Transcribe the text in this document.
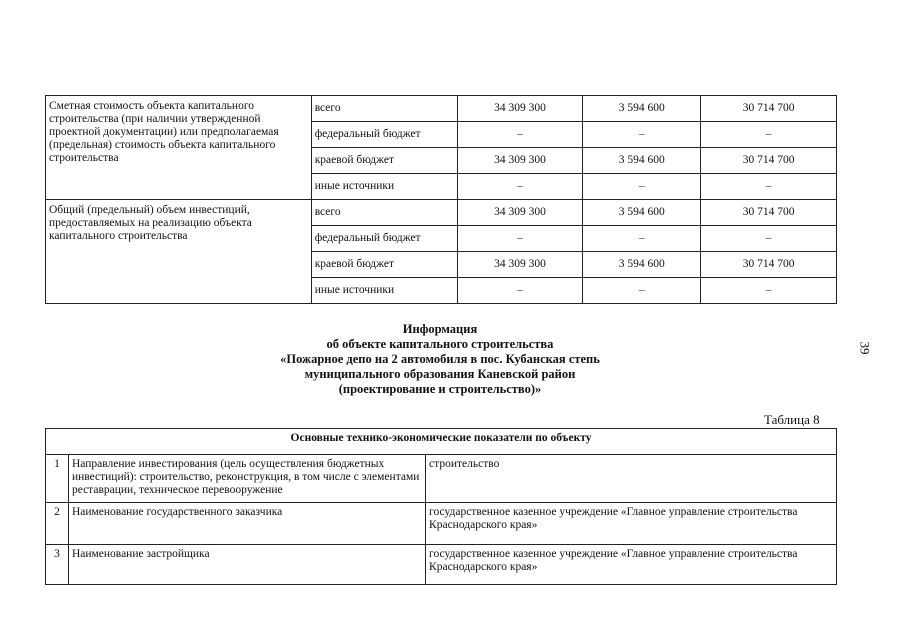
Сметная стоимость объекта капитального строительства (при наличии утвержденной проектной документации) или предполагаемая (предельная) стоимость объекта капитального строительства	всего	34 309 300	3 594 600	30 714 700
	федеральный бюджет	–	–	–
	краевой бюджет	34 309 300	3 594 600	30 714 700
	иные источники	–	–	–
Общий (предельный) объем инвестиций, предоставляемых на реализацию объекта капитального строительства	всего	34 309 300	3 594 600	30 714 700
	федеральный бюджет	–	–	–
	краевой бюджет	34 309 300	3 594 600	30 714 700
	иные источники	–	–	–
Информация
об объекте капитального строительства
«Пожарное депо на 2 автомобиля в пос. Кубанская степь
муниципального образования Каневской район
(проектирование и строительство)»
39
Таблица 8
Основные технико-экономические показатели по объекту		
1	Направление инвестирования (цель осуществления бюджетных инвестиций): строительство, реконструкция, в том числе с элементами реставрации, техническое перевооружение	строительство
2	Наименование государственного заказчика	государственное казенное учреждение «Главное управление строительства Краснодарского края»
3	Наименование застройщика	государственное казенное учреждение «Главное управление строительства Краснодарского края»
